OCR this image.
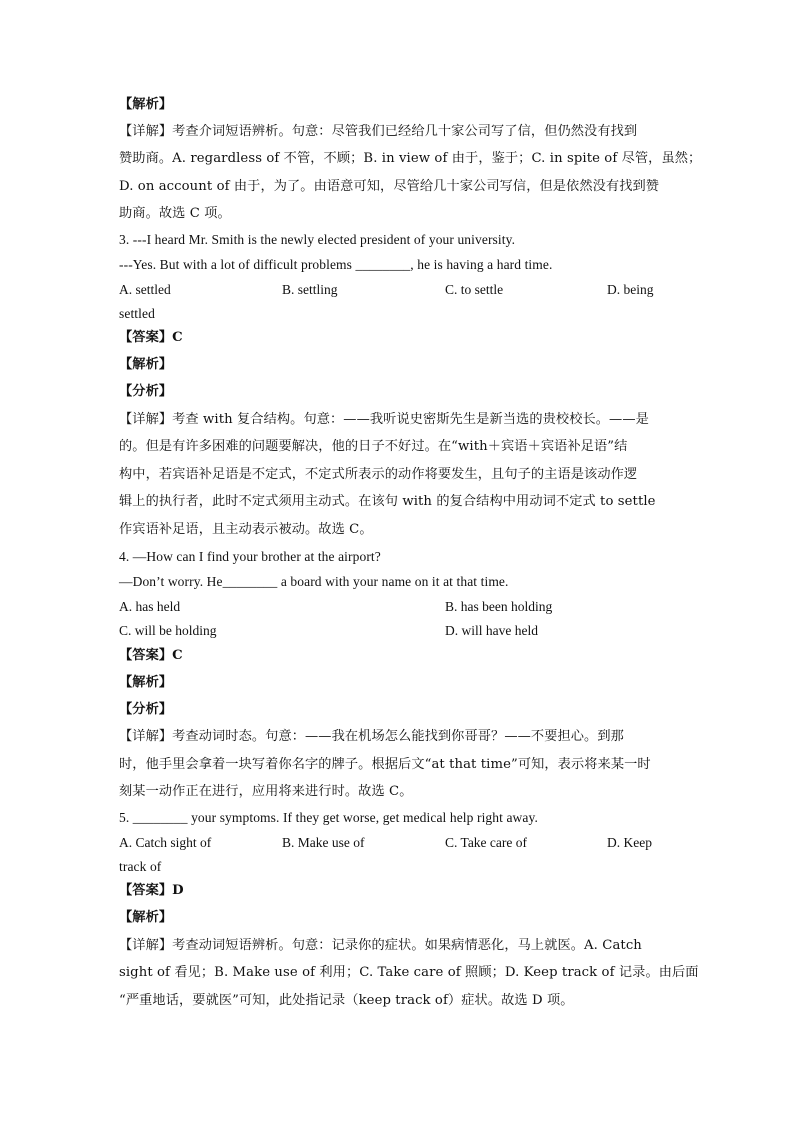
【解析】
【详解】考查介词短语辨析。句意：尽管我们已经给几十家公司写了信，但仍然没有找到
赞助商。A. regardless of 不管，不顾；B. in view of 由于，鉴于；C. in spite of 尽管，虽然；
D. on account of 由于，为了。由语意可知，尽管给几十家公司写信，但是依然没有找到赞
助商。故选 C 项。
3. ---I heard Mr. Smith is the newly elected president of your university.
---Yes. But with a lot of difficult problems ________, he is having a hard time.
A. settled	B. settling	C. to settle	D. being
settled
【答案】C
【解析】
【分析】
【详解】考查 with 复合结构。句意：——我听说史密斯先生是新当选的贵校校长。——是
的。但是有许多困难的问题要解决，他的日子不好过。在“with＋宾语＋宾语补足语”结
构中，若宾语补足语是不定式，不定式所表示的动作将要发生，且句子的主语是该动作逻
辑上的执行者，此时不定式须用主动式。在该句 with 的复合结构中用动词不定式 to settle
作宾语补足语，且主动表示被动。故选 C。
4. —How can I find your brother at the airport?
—Don’t worry. He________ a board with your name on it at that time.
A. has held	B. has been holding
C. will be holding	D. will have held
【答案】C
【解析】
【分析】
【详解】考查动词时态。句意：——我在机场怎么能找到你哥哥？——不要担心。到那
时，他手里会拿着一块写着你名字的牌子。根据后文“at that time”可知，表示将来某一时
刻某一动作正在进行，应用将来进行时。故选 C。
5. ________ your symptoms. If they get worse, get medical help right away.
A. Catch sight of	B. Make use of	C. Take care of	D. Keep
track of
【答案】D
【解析】
【详解】考查动词短语辨析。句意：记录你的症状。如果病情恶化，马上就医。A. Catch
sight of 看见；B. Make use of 利用；C. Take care of 照顾；D. Keep track of 记录。由后面
“严重地话，要就医”可知，此处指记录（keep track of）症状。故选 D 项。
